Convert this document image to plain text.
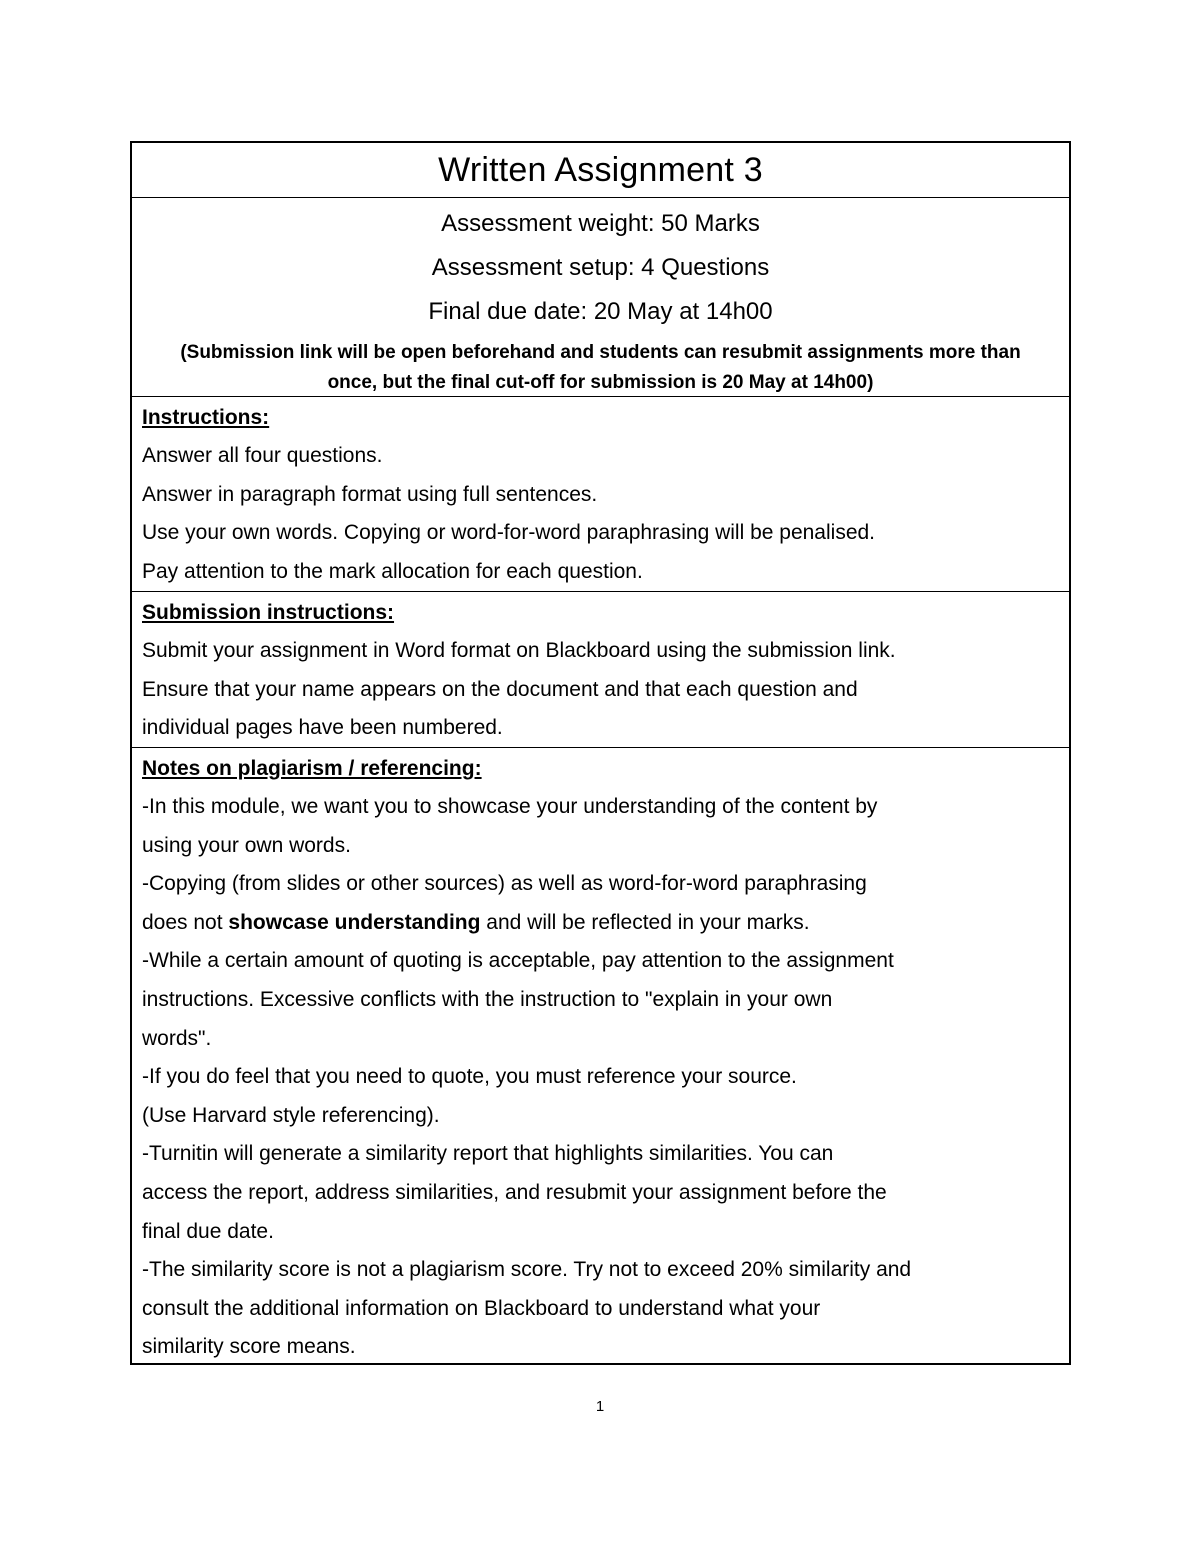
Written Assignment 3
Assessment weight: 50 Marks
Assessment setup: 4 Questions
Final due date: 20 May at 14h00
(Submission link will be open beforehand and students can resubmit assignments more than once, but the final cut-off for submission is 20 May at 14h00)
Instructions:
Answer all four questions.
Answer in paragraph format using full sentences.
Use your own words. Copying or word-for-word paraphrasing will be penalised.
Pay attention to the mark allocation for each question.
Submission instructions:
Submit your assignment in Word format on Blackboard using the submission link.
Ensure that your name appears on the document and that each question and
individual pages have been numbered.
Notes on plagiarism / referencing:
-In this module, we want you to showcase your understanding of the content by
using your own words.
-Copying (from slides or other sources) as well as word-for-word paraphrasing
does not showcase understanding and will be reflected in your marks.
-While a certain amount of quoting is acceptable, pay attention to the assignment
instructions. Excessive conflicts with the instruction to "explain in your own
words".
-If you do feel that you need to quote, you must reference your source.
(Use Harvard style referencing).
-Turnitin will generate a similarity report that highlights similarities. You can
access the report, address similarities, and resubmit your assignment before the
final due date.
-The similarity score is not a plagiarism score. Try not to exceed 20% similarity and
consult the additional information on Blackboard to understand what your
similarity score means.
1
